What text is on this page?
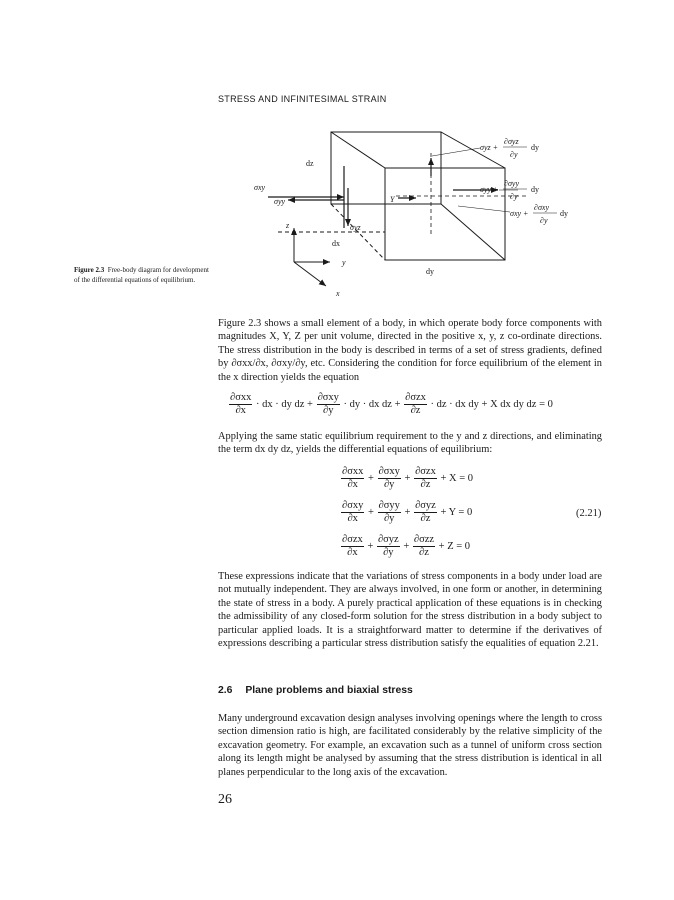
STRESS AND INFINITESIMAL STRAIN
dz
dx
dy
σxy
σyy
σyz
Y
z
y
x
σyz +
∂σyz
∂y
dy
σyy +
∂σyy
∂y
dy
σxy +
∂σxy
∂y
dy
Figure 2.3 Free-body diagram for development of the differential equations of equilibrium.
Figure 2.3 shows a small element of a body, in which operate body force components with magnitudes X, Y, Z per unit volume, directed in the positive x, y, z co-ordinate directions. The stress distribution in the body is described in terms of a set of stress gradients, defined by ∂σxx/∂x, ∂σxy/∂y, etc. Considering the condition for force equilibrium of the element in the x direction yields the equation
$\frac{\text{∂σxx}}{\partial x}$ · dx · dy dz + $\frac{\text{∂σxy}}{\partial y}$ · dy · dx dz + $\frac{\text{∂σzx}}{\partial z}$ · dz · dx dy + X dx dy dz = 0
Applying the same static equilibrium requirement to the y and z directions, and eliminating the term dx dy dz, yields the differential equations of equilibrium:
$\frac{\text{∂σxx}}{\partial x} + \frac{\text{∂σxy}}{\partial y} + \frac{\text{∂σzx}}{\partial z} + X = 0$
$\frac{\text{∂σxy}}{\partial x} + \frac{\text{∂σyy}}{\partial y} + \frac{\text{∂σyz}}{\partial z} + Y = 0$
$\frac{\text{∂σzx}}{\partial x} + \frac{\text{∂σyz}}{\partial y} + \frac{\text{∂σzz}}{\partial z} + Z = 0$
(2.21)
These expressions indicate that the variations of stress components in a body under load are not mutually independent. They are always involved, in one form or another, in determining the state of stress in a body. A purely practical application of these equations is in checking the admissibility of any closed-form solution for the stress distribution in a body subject to particular applied loads. It is a straightforward matter to determine if the derivatives of expressions describing a particular stress distribution satisfy the equalities of equation 2.21.
2.6 Plane problems and biaxial stress
Many underground excavation design analyses involving openings where the length to cross section dimension ratio is high, are facilitated considerably by the relative simplicity of the excavation geometry. For example, an excavation such as a tunnel of uniform cross section along its length might be analysed by assuming that the stress distribution is identical in all planes perpendicular to the long axis of the excavation.
26
